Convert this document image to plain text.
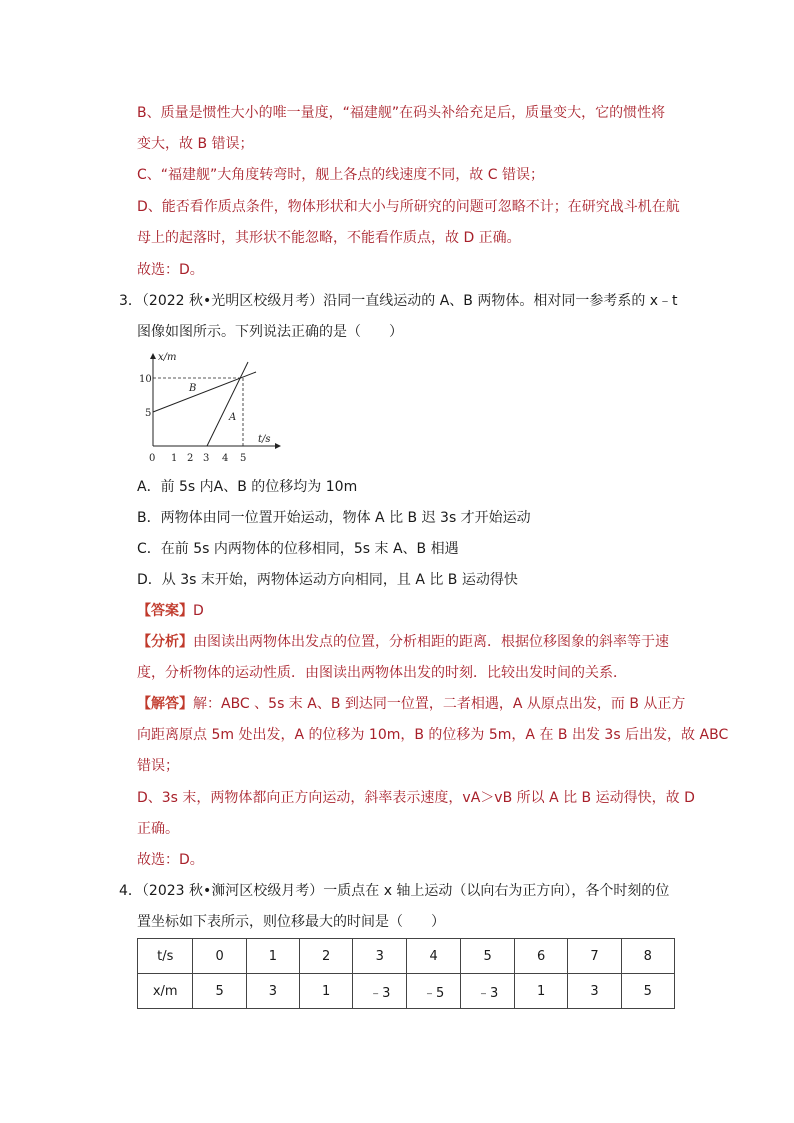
B、质量是惯性大小的唯一量度，“福建舰”在码头补给充足后，质量变大，它的惯性将
变大，故 B 错误；
C、“福建舰”大角度转弯时，舰上各点的线速度不同，故 C 错误；
D、能否看作质点条件，物体形状和大小与所研究的问题可忽略不计；在研究战斗机在航
母上的起落时，其形状不能忽略，不能看作质点，故 D 正确。
故选：D。
3．（2022 秋•光明区校级月考）沿同一直线运动的 A、B 两物体。相对同一参考系的 x﹣t
图像如图所示。下列说法正确的是（　　）
x/m
t/s
10
5
0 1 2 3 4 5
B
A
A．前 5s 内A、B 的位移均为 10m
B．两物体由同一位置开始运动，物体 A 比 B 迟 3s 才开始运动
C．在前 5s 内两物体的位移相同，5s 末 A、B 相遇
D．从 3s 末开始，两物体运动方向相同，且 A 比 B 运动得快
【答案】D
【分析】由图读出两物体出发点的位置，分析相距的距离．根据位移图象的斜率等于速
度，分析物体的运动性质．由图读出两物体出发的时刻．比较出发时间的关系．
【解答】解：ABC 、5s 末 A、B 到达同一位置，二者相遇，A 从原点出发，而 B 从正方
向距离原点 5m 处出发，A 的位移为 10m，B 的位移为 5m，A 在 B 出发 3s 后出发，故 ABC
错误；
D、3s 末，两物体都向正方向运动，斜率表示速度，vA＞vB 所以 A 比 B 运动得快，故 D
正确。
故选：D。
4．（2023 秋•浉河区校级月考）一质点在 x 轴上运动（以向右为正方向），各个时刻的位
置坐标如下表所示，则位移最大的时间是（　　）
t/s	0	1	2	3	4	5	6	7	8
x/m	5	3	1	﹣3	﹣5	﹣3	1	3	5
